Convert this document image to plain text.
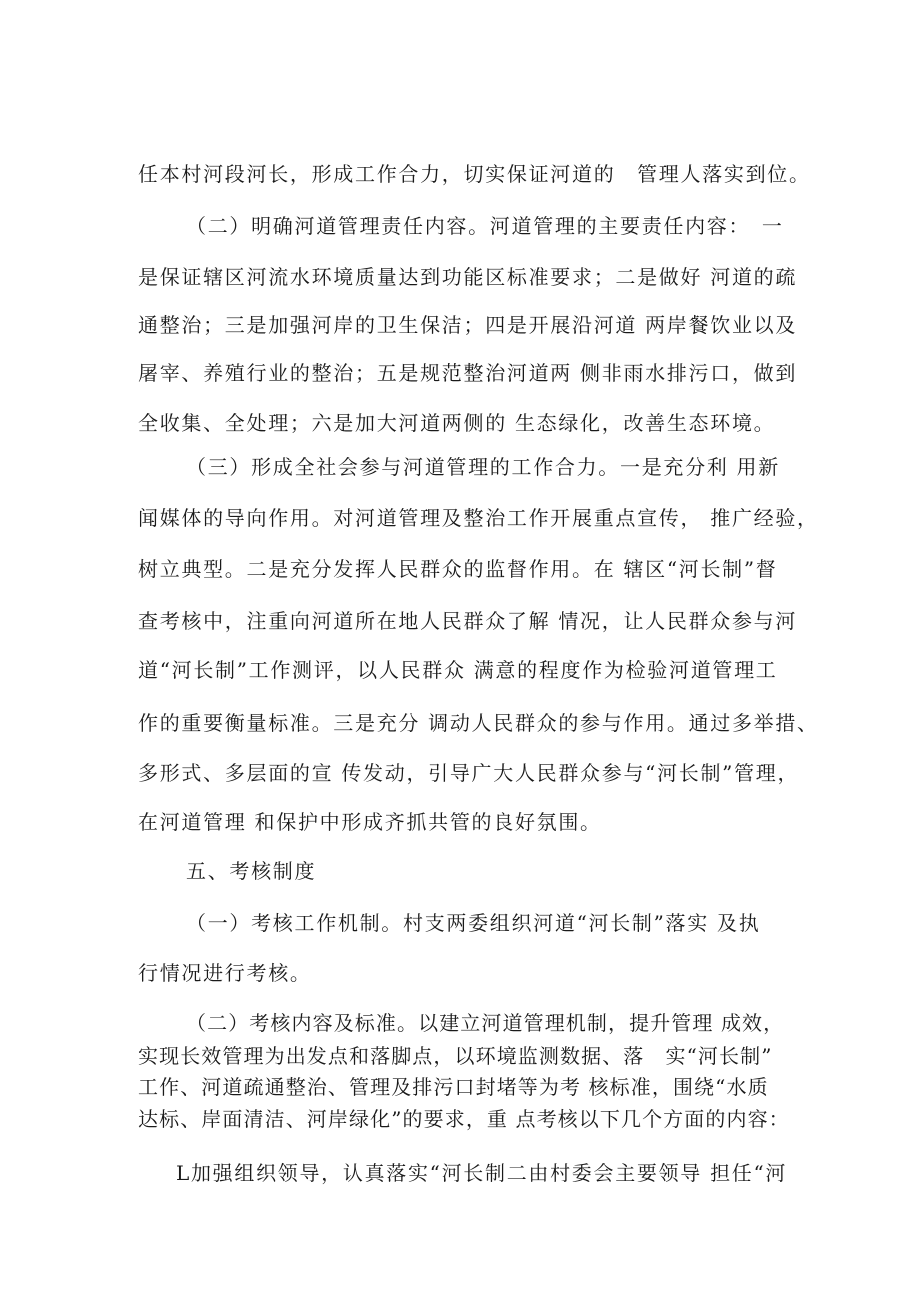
任本村河段河长，形成工作合力，切实保证河道的　管理人落实到位。

（二）明确河道管理责任内容。河道管理的主要责任内容：　一

是保证辖区河流水环境质量达到功能区标准要求；二是做好 河道的疏

通整治；三是加强河岸的卫生保洁；四是开展沿河道 两岸餐饮业以及

屠宰、养殖行业的整治；五是规范整治河道两 侧非雨水排污口，做到

全收集、全处理；六是加大河道两侧的 生态绿化，改善生态环境。

（三）形成全社会参与河道管理的工作合力。一是充分利 用新

闻媒体的导向作用。对河道管理及整治工作开展重点宣传， 推广经验，

树立典型。二是充分发挥人民群众的监督作用。在 辖区“河长制”督

查考核中，注重向河道所在地人民群众了解 情况，让人民群众参与河

道“河长制”工作测评，以人民群众 满意的程度作为检验河道管理工

作的重要衡量标准。三是充分 调动人民群众的参与作用。通过多举措、

多形式、多层面的宣 传发动，引导广大人民群众参与“河长制”管理，

在河道管理 和保护中形成齐抓共管的良好氛围。

五、考核制度

（一）考核工作机制。村支两委组织河道“河长制”落实 及执

行情况进行考核。

（二）考核内容及标准。以建立河道管理机制，提升管理 成效，

实现长效管理为出发点和落脚点，以环境监测数据、落　实“河长制”

工作、河道疏通整治、管理及排污口封堵等为考 核标准，围绕“水质

达标、岸面清洁、河岸绿化”的要求，重 点考核以下几个方面的内容：

L加强组织领导，认真落实“河长制二由村委会主要领导 担任“河
